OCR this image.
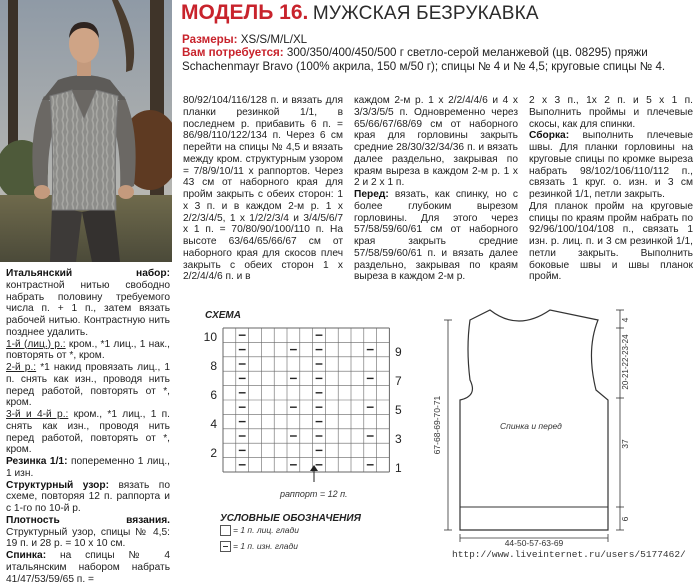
МОДЕЛЬ 16. МУЖСКАЯ БЕЗРУКАВКА
Размеры: XS/S/M/L/XL
Вам потребуется: 300/350/400/450/500 г светло-серой меланжевой (цв. 08295) пряжи Schachenmayr Bravo (100% акрила, 150 м/50 г); спицы № 4 и № 4,5; круговые спицы № 4.

Итальянский набор: контрастной нитью свободно набрать половину требуемого числа п. + 1 п., затем вязать рабочей нитью. Контрастную нить позднее удалить.

1-й (лиц.) р.: кром., *1 лиц., 1 нак., повторять от *, кром.

2-й р.: *1 накид провязать лиц., 1 п. снять как изн., проводя нить перед работой, повторять от *, кром.

3-й и 4-й р.: кром., *1 лиц., 1 п. снять как изн., проводя нить перед работой, повторять от *, кром.

Резинка 1/1: попеременно 1 лиц., 1 изн.

Структурный узор: вязать по схеме, повторяя 12 п. раппорта и с 1-го по 10-й р.

Плотность вязания. Структурный узор, спицы № 4,5: 19 п. и 28 р. = 10 х 10 см.

Спинка: на спицы № 4 итальянским набором набрать 41/47/53/59/65 п. =

80/92/104/116/128 п. и вязать для планки резинкой 1/1, в последнем р. прибавить 6 п. = 86/98/110/122/134 п. Через 6 см перейти на спицы № 4,5 и вязать между кром. структурным узором = 7/8/9/10/11 х раппортов. Через 43 см от наборного края для пройм закрыть с обеих сторон: 1 х 3 п. и в каждом 2-м р. 1 х 2/2/3/4/5, 1 х 1/2/2/3/4 и 3/4/5/6/7 х 1 п. = 70/80/90/100/110 п. На высоте 63/64/65/66/67 см от наборного края для скосов плеч закрыть с обеих сторон 1 х 2/2/4/4/6 п. и в

каждом 2-м р. 1 х 2/2/4/4/6 и 4 х 3/3/3/5/5 п. Одновременно через 65/66/67/68/69 см от наборного края для горловины закрыть средние 28/30/32/34/36 п. и вязать далее раздельно, закрывая по краям выреза в каждом 2-м р. 1 х 2 и 2 х 1 п.

Перед: вязать, как спинку, но с более глубоким вырезом горловины. Для этого через 57/58/59/60/61 см от наборного края закрыть средние 57/58/59/60/61 п. и вязать далее раздельно, закрывая по краям выреза в каждом 2-м р.

2 х 3 п., 1х 2 п. и 5 х 1 п. Выполнить проймы и плечевые скосы, как для спинки.

Сборка: выполнить плечевые швы. Для планки горловины на круговые спицы по кромке выреза набрать 98/102/106/110/112 п., связать 1 круг. о. изн. и 3 см резинкой 1/1, петли закрыть.

Для планок пройм на круговые спицы по краям пройм набрать по 92/96/100/104/108 п., связать 1 изн. р. лиц. п. и 3 см резинкой 1/1, петли закрыть. Выполнить боковые швы и швы планок пройм.

СХЕМА
10
8
6
4
2
9
7
5
3
1
раппорт = 12 п.
УСЛОВНЫЕ ОБОЗНАЧЕНИЯ
= 1 п. лиц. глади
= 1 п. изн. глади
67-68-69-70-71
44-50-57-63-69
4
20-21-22-23-24
37
6
Спинка и перед
http://www.liveinternet.ru/users/5177462/
